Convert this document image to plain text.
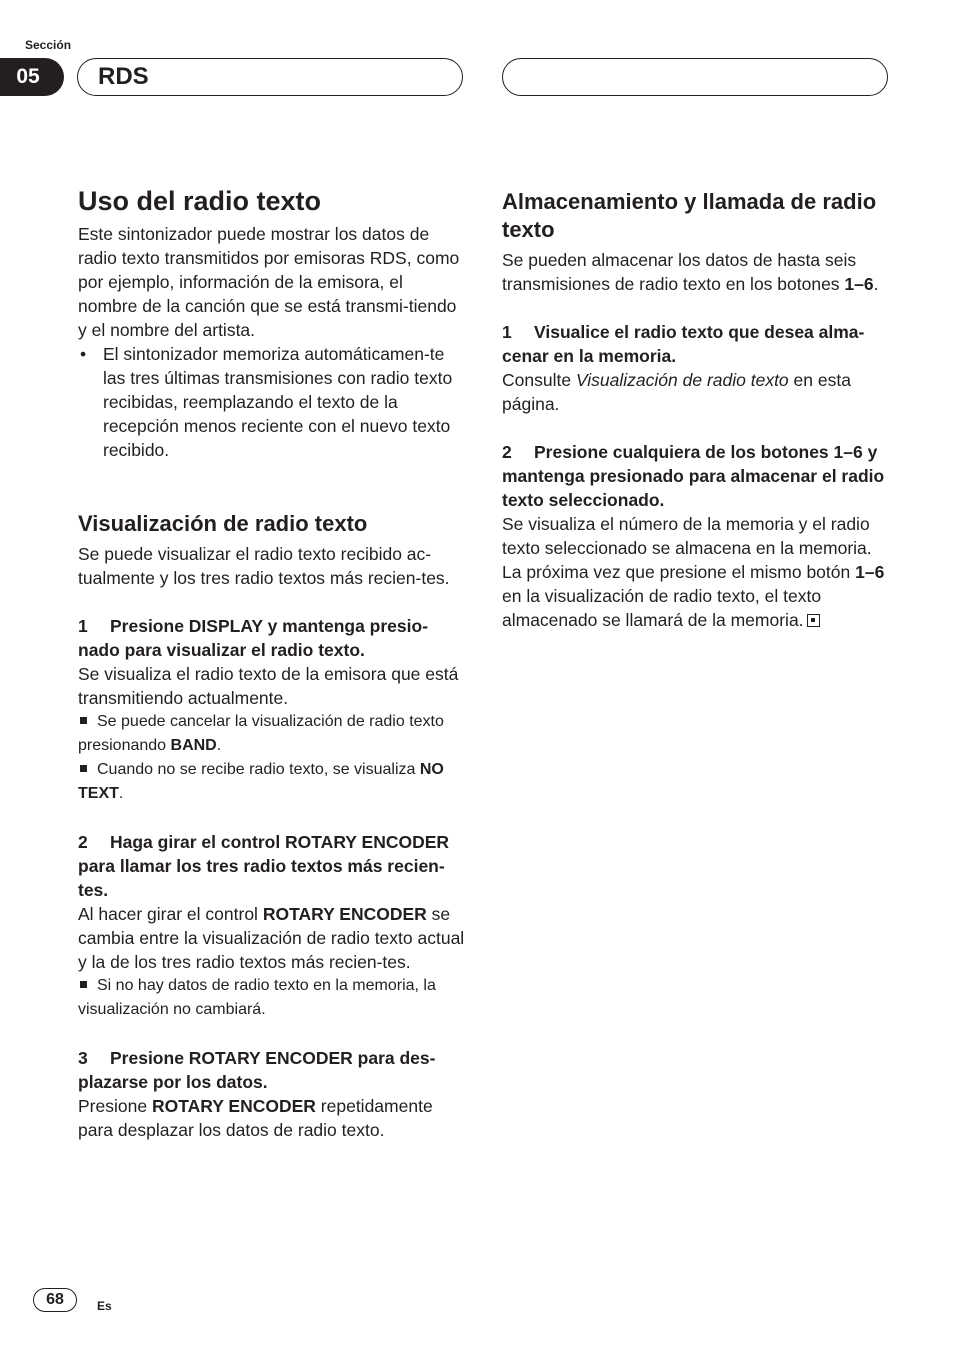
Sección
05	RDS
Uso del radio texto

Este sintonizador puede mostrar los datos de radio texto transmitidos por emisoras RDS, como por ejemplo, información de la emisora, el nombre de la canción que se está transmi-tiendo y el nombre del artista.

• El sintonizador memoriza automáticamen-te las tres últimas transmisiones con radio texto recibidas, reemplazando el texto de la recepción menos reciente con el nuevo texto recibido.

Visualización de radio texto

Se puede visualizar el radio texto recibido ac-tualmente y los tres radio textos más recien-tes.

1 Presione DISPLAY y mantenga presio-nado para visualizar el radio texto.

Se visualiza el radio texto de la emisora que está transmitiendo actualmente.

Se puede cancelar la visualización de radio texto presionando BAND.

Cuando no se recibe radio texto, se visualiza NO TEXT.

2 Haga girar el control ROTARY ENCODER para llamar los tres radio textos más recien-tes.

Al hacer girar el control ROTARY ENCODER se cambia entre la visualización de radio texto actual y la de los tres radio textos más recien-tes.

Si no hay datos de radio texto en la memoria, la visualización no cambiará.

3 Presione ROTARY ENCODER para des-plazarse por los datos.

Presione ROTARY ENCODER repetidamente para desplazar los datos de radio texto.

Almacenamiento y llamada de radio texto

Se pueden almacenar los datos de hasta seis transmisiones de radio texto en los botones 1–6.

1 Visualice el radio texto que desea alma-cenar en la memoria.

Consulte Visualización de radio texto en esta página.

2 Presione cualquiera de los botones 1–6 y mantenga presionado para almacenar el radio texto seleccionado.

Se visualiza el número de la memoria y el radio texto seleccionado se almacena en la memoria.

La próxima vez que presione el mismo botón 1–6 en la visualización de radio texto, el texto almacenado se llamará de la memoria.

68	Es
